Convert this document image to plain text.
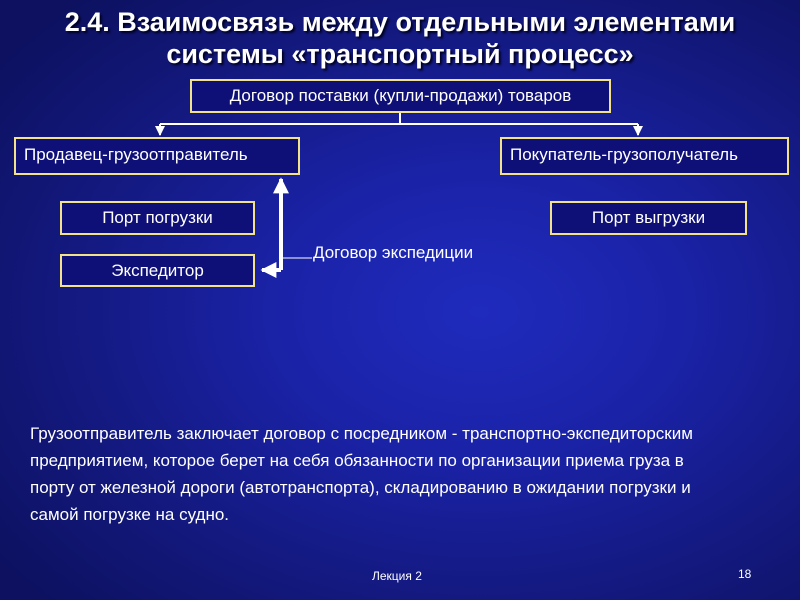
2.4. Взаимосвязь между отдельными элементами
системы «транспортный процесс»
Договор поставки (купли-продажи) товаров
Продавец-грузоотправитель	Покупатель-грузополучатель
Порт погрузки	Порт выгрузки
Экспедитор
Договор экспедиции
Грузоотправитель заключает договор с посредником - транспортно-экспедиторским предприятием, которое берет на себя обязанности по организации приема груза в порту от железной дороги (автотранспорта), складированию в ожидании погрузки и самой погрузке на судно.
Лекция 2	18
